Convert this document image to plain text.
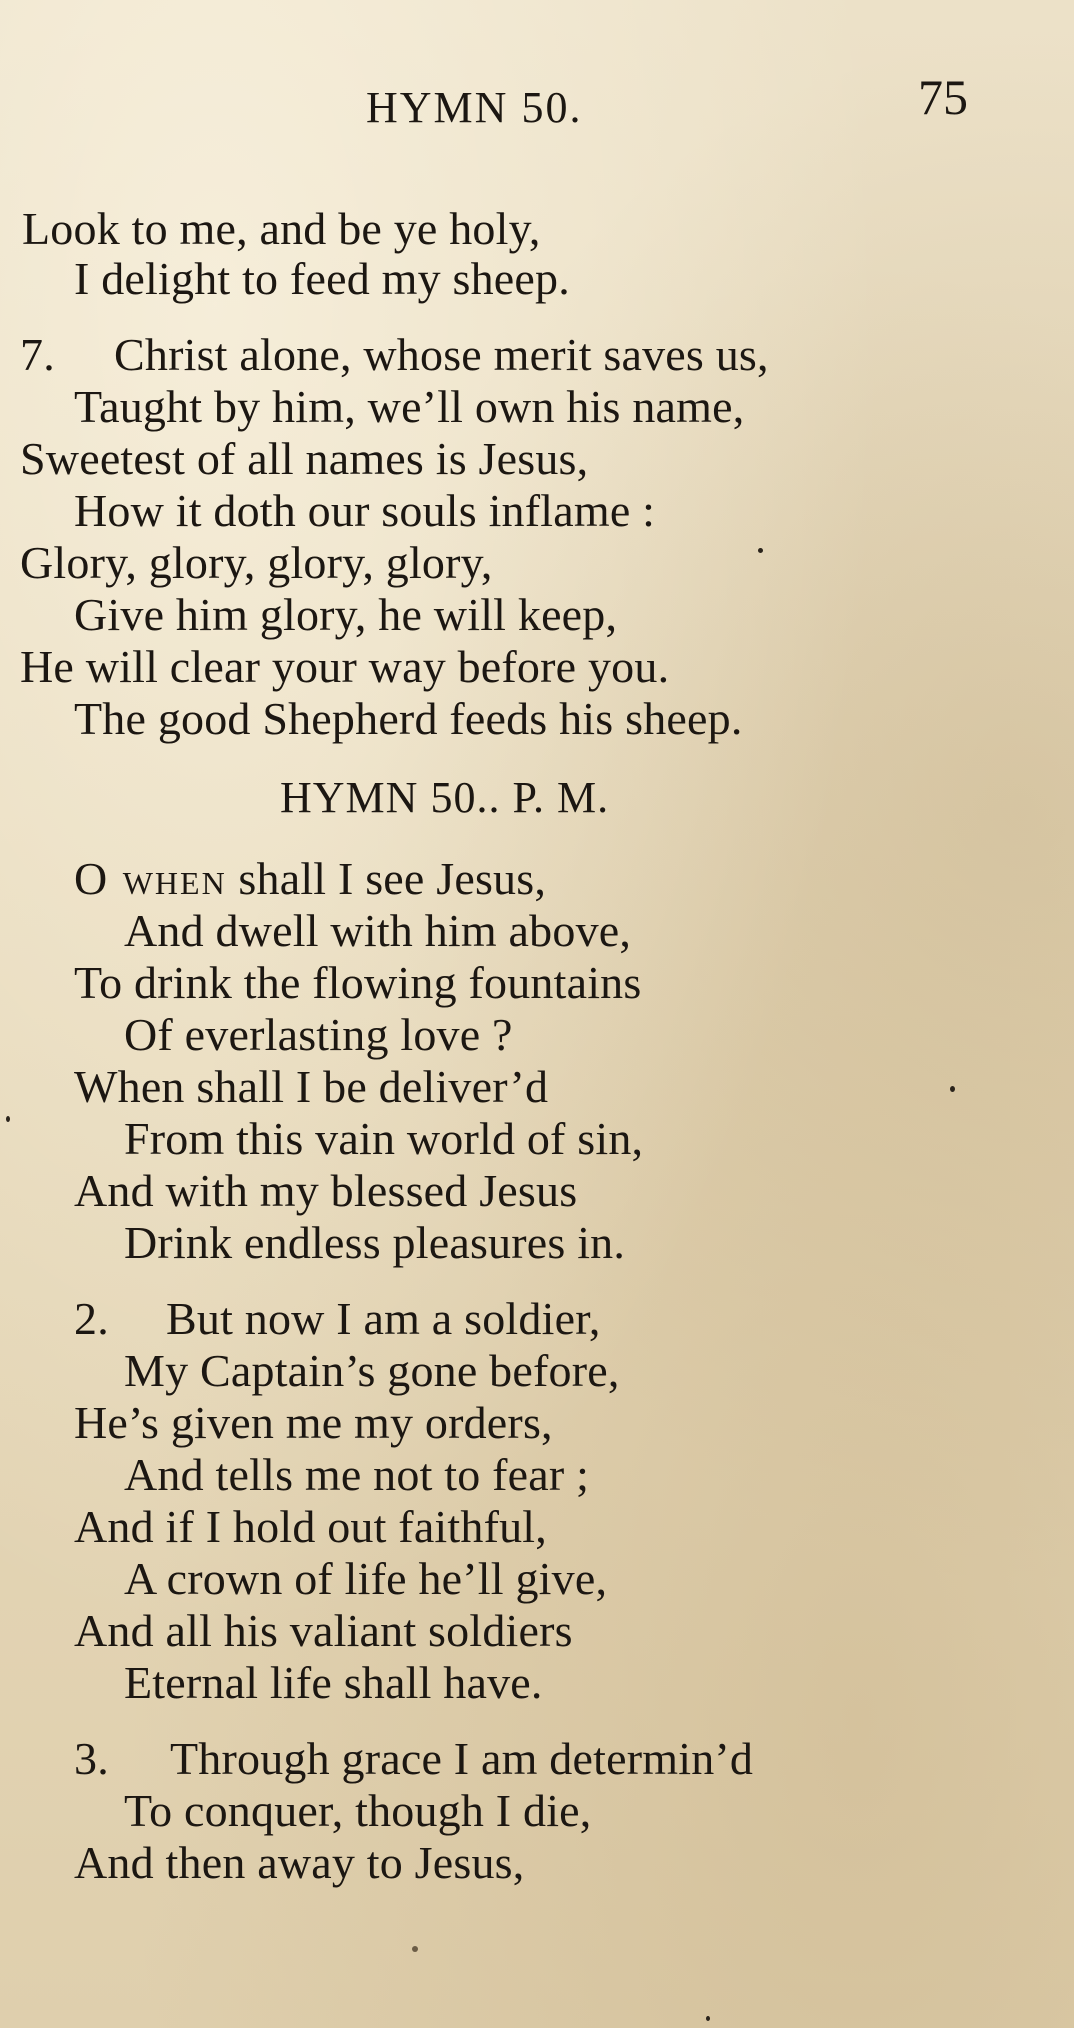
HYMN 50.	75
Look to me, and be ye holy,
I delight to feed my sheep.
7. Christ alone, whose merit saves us,
Taught by him, we’ll own his name,
Sweetest of all names is Jesus,
How it doth our souls inflame :
Glory, glory, glory, glory,
Give him glory, he will keep,
He will clear your way before you.
The good Shepherd feeds his sheep.
HYMN 50.. P. M.
O when shall I see Jesus,
And dwell with him above,
To drink the flowing fountains
Of everlasting love ?
When shall I be deliver’d
From this vain world of sin,
And with my blessed Jesus
Drink endless pleasures in.
2. But now I am a soldier,
My Captain’s gone before,
He’s given me my orders,
And tells me not to fear ;
And if I hold out faithful,
A crown of life he’ll give,
And all his valiant soldiers
Eternal life shall have.
3. Through grace I am determin’d
To conquer, though I die,
And then away to Jesus,
